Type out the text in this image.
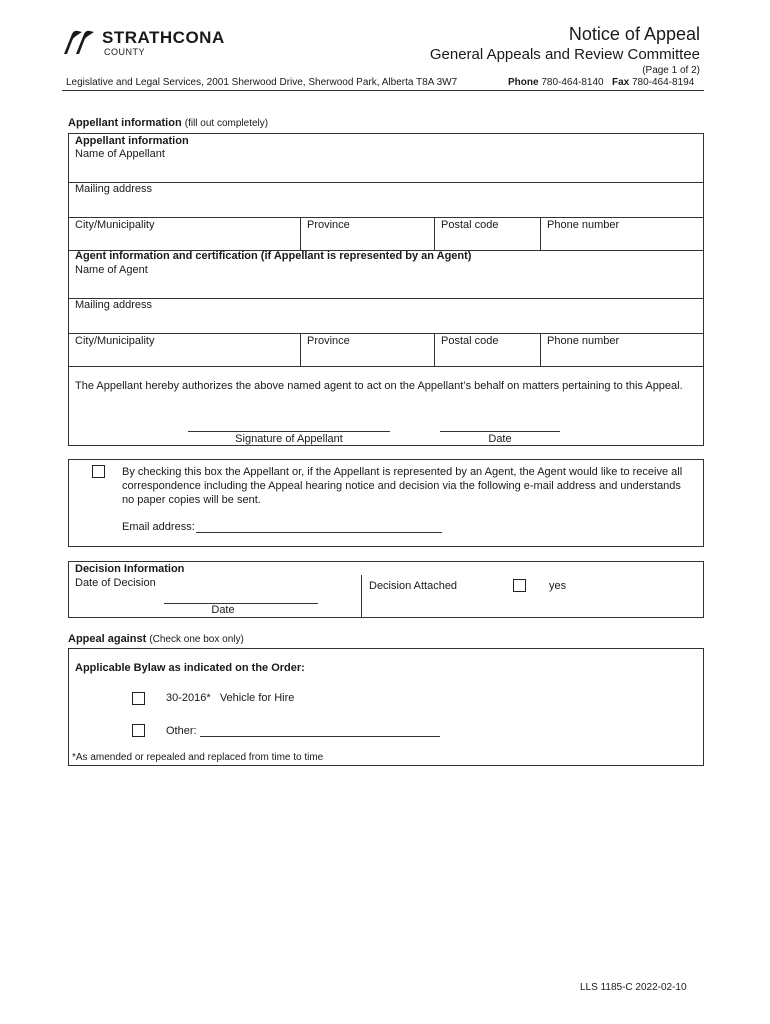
STRATHCONA
COUNTY
Notice of Appeal
General Appeals and Review Committee
(Page 1 of 2)
Legislative and Legal Services, 2001 Sherwood Drive, Sherwood Park, Alberta T8A 3W7	Phone 780-464-8140 Fax 780-464-8194
Appellant information (fill out completely)
Appellant information
Name of Appellant
Mailing address
City/Municipality	Province	Postal code	Phone number
Agent information and certification (if Appellant is represented by an Agent)
Name of Agent
Mailing address
City/Municipality	Province	Postal code	Phone number
The Appellant hereby authorizes the above named agent to act on the Appellant’s behalf on matters pertaining to this Appeal.
Signature of Appellant	Date
By checking this box the Appellant or, if the Appellant is represented by an Agent, the Agent would like to receive all correspondence including the Appeal hearing notice and decision via the following e-mail address and understands no paper copies will be sent.
Email address:
Decision Information
Date of Decision
Date
Decision Attached	yes
Appeal against (Check one box only)
Applicable Bylaw as indicated on the Order:
30-2016*   Vehicle for Hire
Other:
*As amended or repealed and replaced from time to time
LLS 1185-C 2022-02-10
